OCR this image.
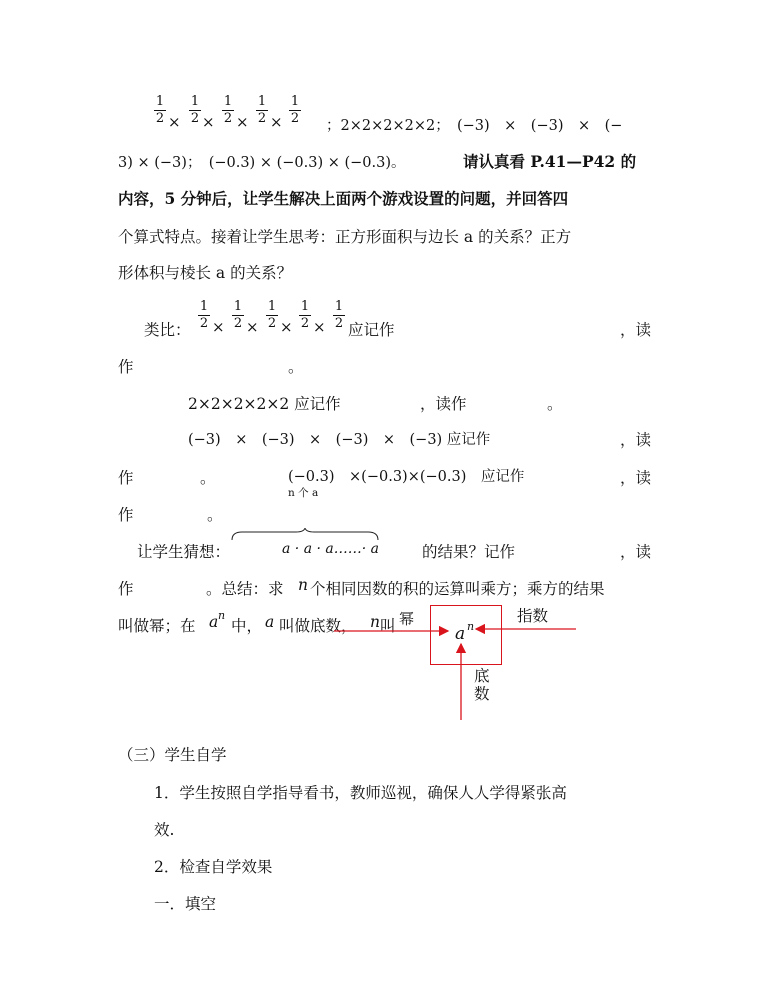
1
2 ×
1
2 ×
1
2 ×
1
2 ×
1
2 ；2×2×2×2×2；　(−3)　×　(−3)　×　(−
3) × (−3)；　(−0.3) × (−0.3) × (−0.3)。	请认真看 P.41—P42 的
内容，5 分钟后，让学生解决上面两个游戏设置的问题，并回答四
个算式特点。接着让学生思考：正方形面积与边长 a 的关系？正方
形体积与棱长 a 的关系？
类比：
1
2 ×
1
2 ×
1
2 ×
1
2 ×
1
2 应记作	，读
作	。
2×2×2×2×2 应记作	，读作	。
(−3)　×　(−3)　×　(−3)　×　(−3) 应记作	，读
作	。	(−0.3)　×(−0.3)×(−0.3)　应记作	，读
n 个 a
作	。
让学生猜想：	a · a · a……· a	的结果？记作	，读
作	。总结：求 n 个相同因数的积的运算叫乘方；乘方的结果
叫做幂；在 a n
中， a 叫做底数， n 叫	a n
幂	指数
底
数
（三）学生自学
1．学生按照自学指导看书，教师巡视，确保人人学得紧张高
效.
2．检查自学效果
一．填空
